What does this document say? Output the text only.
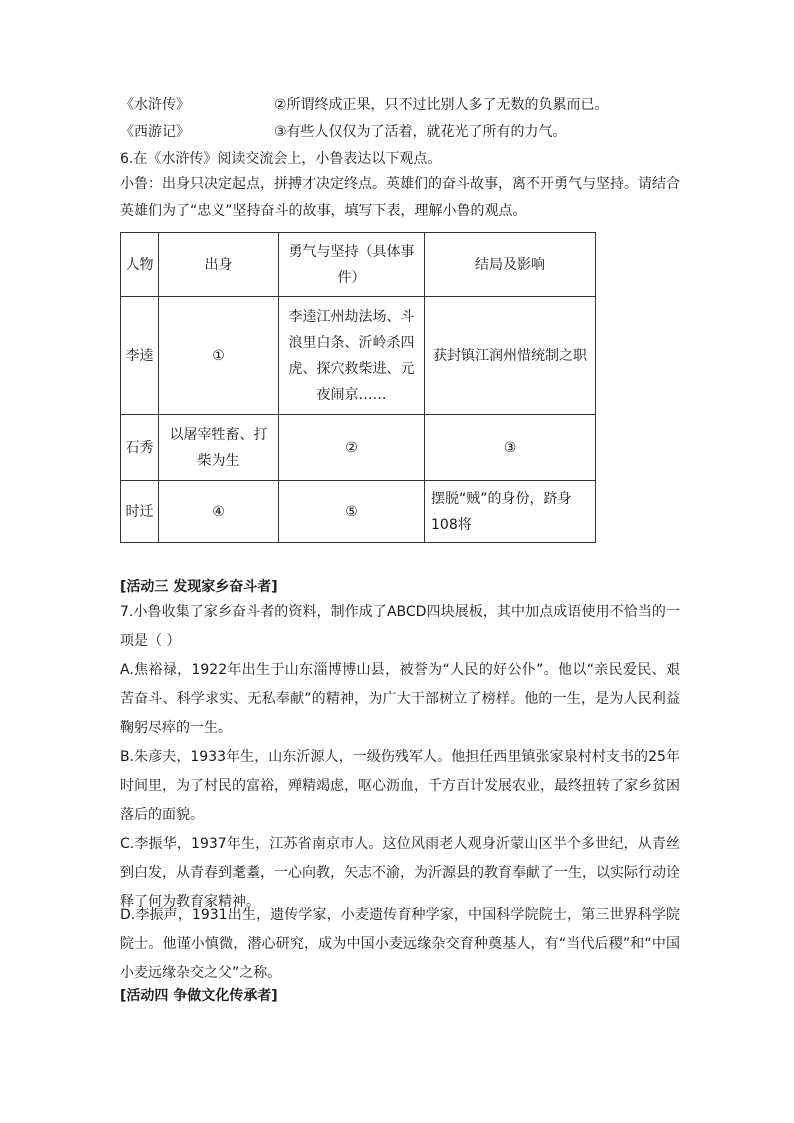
《水浒传》	②所谓终成正果，只不过比别人多了无数的负累而已。
《西游记》	③有些人仅仅为了活着，就花光了所有的力气。
6.在《水浒传》阅读交流会上，小鲁表达以下观点。
小鲁：出身只决定起点，拼搏才决定终点。英雄们的奋斗故事，离不开勇气与坚持。请结合英雄们为了“忠义”坚持奋斗的故事，填写下表，理解小鲁的观点。
人物	出身	勇气与坚持（具体事件）	结局及影响
李逵	①	李逵江州劫法场、斗浪里白条、沂岭杀四虎、探穴救柴进、元夜闹京……	获封镇江润州惜统制之职
石秀	以屠宰牲畜、打柴为生	②	③
时迁	④	⑤	摆脱“贼”的身份，跻身108将
[活动三 发现家乡奋斗者]
7.小鲁收集了家乡奋斗者的资料，制作成了ABCD四块展板，其中加点成语使用不恰当的一项是（ ）
A.焦裕禄，1922年出生于山东淄博博山县，被誉为“人民的好公仆”。他以“亲民爱民、艰苦奋斗、科学求实、无私奉献”的精神，为广大干部树立了榜样。他的一生，是为人民利益鞠躬尽瘁的一生。
B.朱彦夫，1933年生，山东沂源人，一级伤残军人。他担任西里镇张家泉村村支书的25年时间里，为了村民的富裕，殚精竭虑，呕心沥血，千方百计发展农业，最终扭转了家乡贫困落后的面貌。
C.李振华，1937年生，江苏省南京市人。这位风雨老人观身沂蒙山区半个多世纪，从青丝到白发，从青春到耄耋，一心向教，矢志不渝，为沂源县的教育奉献了一生，以实际行动诠释了何为教育家精神。
D.李振声，1931出生，遗传学家，小麦遗传育种学家，中国科学院院士，第三世界科学院院士。他谨小慎微，潜心研究，成为中国小麦远缘杂交育种奠基人，有“当代后稷”和“中国小麦远缘杂交之父”之称。
[活动四 争做文化传承者]
